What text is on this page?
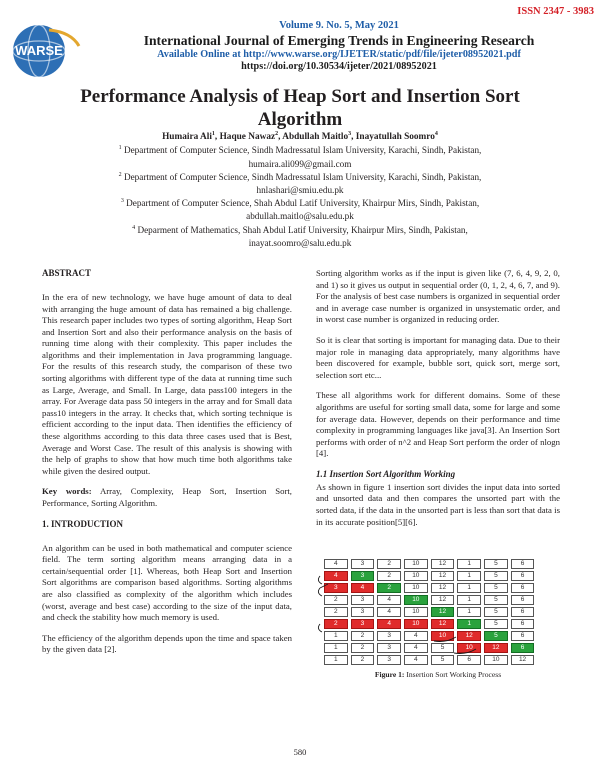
ISSN 2347 - 3983
WARSE
Volume 9. No. 5, May 2021
International Journal of Emerging Trends in Engineering Research
Available Online at http://www.warse.org/IJETER/static/pdf/file/ijeter08952021.pdf
https://doi.org/10.30534/ijeter/2021/08952021
Performance Analysis of Heap Sort and Insertion Sort Algorithm
Humaira Ali$^1$, Haque Nawaz$^2$, Abdullah Maitlo$^3$, Inayatullah Soomro$^4$
$^1$ Department of Computer Science, Sindh Madressatul Islam University, Karachi, Sindh, Pakistan,
humaira.ali099@gmail.com
$^2$ Department of Computer Science, Sindh Madressatul Islam University, Karachi, Sindh, Pakistan,
hnlashari@smiu.edu.pk
$^3$ Department of Computer Science, Shah Abdul Latif University, Khairpur Mirs, Sindh, Pakistan,
abdullah.maitlo@salu.edu.pk
$^4$ Deparment of Mathematics, Shah Abdul Latif University, Khairpur Mirs, Sindh, Pakistan,
inayat.soomro@salu.edu.pk
ABSTRACT

In the era of new technology, we have huge amount of data to deal with arranging the huge amount of data has remained a big challenge. This research paper includes two types of sorting algorithm, Heap Sort and Insertion Sort and also their performance analysis on the basis of running time along with their complexity. This paper includes the algorithms and their implementation in Java programming language. For the results of this research study, the comparison of these two sorting algorithms with different type of the data at running time such as Large, Average, and Small. In Large, data pass100 integers in the array. For Average data pass 50 integers in the array and for Small data pass10 integers in the array. It checks that, which sorting technique is efficient according to the input data. Then identifies the efficiency of these algorithms according to this data three cases used that is Best, Average and Worst Case. The result of this analysis is showing with the help of graphs to show that how much time both algorithms take while given the desired output.

Key words: Array, Complexity, Heap Sort, Insertion Sort, Performance, Sorting Algorithm.

1. INTRODUCTION

An algorithm can be used in both mathematical and computer science field. The term sorting algorithm means arranging data in a certain/sequential order [1]. Whereas, both Heap Sort and Insertion Sort algorithms are comparison based algorithms. Sorting algorithms are also classified as complexity of the algorithm which includes (worst, average and best case) according to the size of the input data, and check the stability how much memory is used.

The efficiency of the algorithm depends upon the time and space taken by the given data [2].

Sorting algorithm works as if the input is given like (7, 6, 4, 9, 2, 0, and 1) so it gives us output in sequential order (0, 1, 2, 4, 6, 7, and 9). For the analysis of best case numbers is organized in sequential order and in average case number is organized in unsystematic order, and in worst case number is organized in reducing order.

So it is clear that sorting is important for managing data. Due to their major role in managing data appropriately, many algorithms have been discovered for example, bubble sort, quick sort, merge sort, selection sort etc...

These all algorithms work for different domains. Some of these algorithms are useful for sorting small data, some for large and some for average data. However, depends on their performance and time complexity in programming languages like java[3]. An Insertion Sort performs with order of n^2 and Heap Sort perform the order of nlogn [4].

1.1 Insertion Sort Algorithm Working

As shown in figure 1 insertion sort divides the input data into sorted and unsorted data and then compares the unsorted part with the sorted data, if the data in the unsorted part is less than sort that data is in its accurate position[5][6].

4	3	2	10	12	1	5	6
4	3	2	10	12	1	5	6
3	4	2	10	12	1	5	6
2	3	4	10	12	1	5	6
2	3	4	10	12	1	5	6
2	3	4	10	12	1	5	6
1	2	3	4	10	12	5	6
1	2	3	4	5	10	12	6
1	2	3	4	5	6	10	12
Figure 1: Insertion Sort Working Process
580
